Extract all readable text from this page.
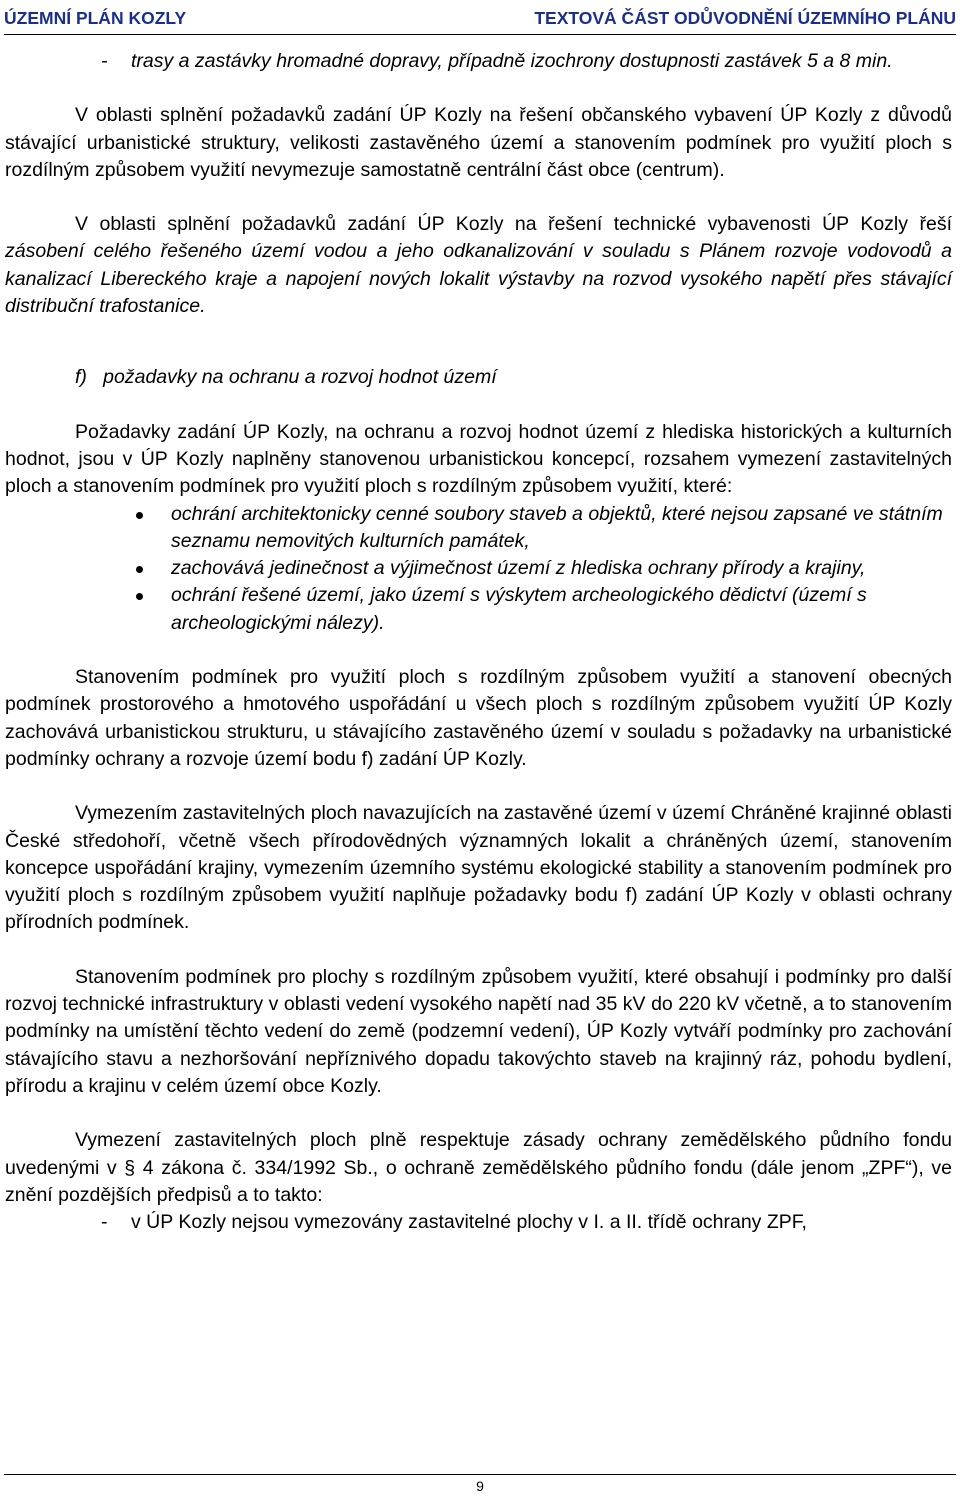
ÚZEMNÍ PLÁN KOZLY	TEXTOVÁ ČÁST ODŮVODNĚNÍ ÚZEMNÍHO PLÁNU
- trasy a zastávky hromadné dopravy, případně izochrony dostupnosti zastávek 5 a 8 min.

V oblasti splnění požadavků zadání ÚP Kozly na řešení občanského vybavení ÚP Kozly z důvodů stávající urbanistické struktury, velikosti zastavěného území a stanovením podmínek pro využití ploch s rozdílným způsobem využití nevymezuje samostatně centrální část obce (centrum).

V oblasti splnění požadavků zadání ÚP Kozly na řešení technické vybavenosti ÚP Kozly řeší zásobení celého řešeného území vodou a jeho odkanalizování v souladu s Plánem rozvoje vodovodů a kanalizací Libereckého kraje a napojení nových lokalit výstavby na rozvod vysokého napětí přes stávající distribuční trafostanice.

f)   požadavky na ochranu a rozvoj hodnot území

Požadavky zadání ÚP Kozly, na ochranu a rozvoj hodnot území z hlediska historických a kulturních hodnot, jsou v ÚP Kozly naplněny stanovenou urbanistickou koncepcí, rozsahem vymezení zastavitelných ploch a stanovením podmínek pro využití ploch s rozdílným způsobem využití, které:

ochrání architektonicky cenné soubory staveb a objektů, které nejsou zapsané ve státním seznamu nemovitých kulturních památek,
zachovává jedinečnost a výjimečnost území z hlediska ochrany přírody a krajiny,
ochrání řešené území, jako území s výskytem archeologického dědictví (území s archeologickými nálezy).

Stanovením podmínek pro využití ploch s rozdílným způsobem využití a stanovení obecných podmínek prostorového a hmotového uspořádání u všech ploch s rozdílným způsobem využití ÚP Kozly zachovává urbanistickou strukturu, u stávajícího zastavěného území v souladu s požadavky na urbanistické podmínky ochrany a rozvoje území bodu f) zadání ÚP Kozly.

Vymezením zastavitelných ploch navazujících na zastavěné území v území Chráněné krajinné oblasti České středohoří, včetně všech přírodovědných významných lokalit a chráněných území, stanovením koncepce uspořádání krajiny, vymezením územního systému ekologické stability a stanovením podmínek pro využití ploch s rozdílným způsobem využití naplňuje požadavky bodu f) zadání ÚP Kozly v oblasti ochrany přírodních podmínek.

Stanovením podmínek pro plochy s rozdílným způsobem využití, které obsahují i podmínky pro další rozvoj technické infrastruktury v oblasti vedení vysokého napětí nad 35 kV do 220 kV včetně, a to stanovením podmínky na umístění těchto vedení do země (podzemní vedení), ÚP Kozly vytváří podmínky pro zachování stávajícího stavu a nezhoršování nepříznivého dopadu takovýchto staveb na krajinný ráz, pohodu bydlení, přírodu a krajinu v celém území obce Kozly.

Vymezení zastavitelných ploch plně respektuje zásady ochrany zemědělského půdního fondu uvedenými v § 4 zákona č. 334/1992 Sb., o ochraně zemědělského půdního fondu (dále jenom „ZPF“), ve znění pozdějších předpisů a to takto:

- v ÚP Kozly nejsou vymezovány zastavitelné plochy v I. a II. třídě ochrany ZPF,
9
